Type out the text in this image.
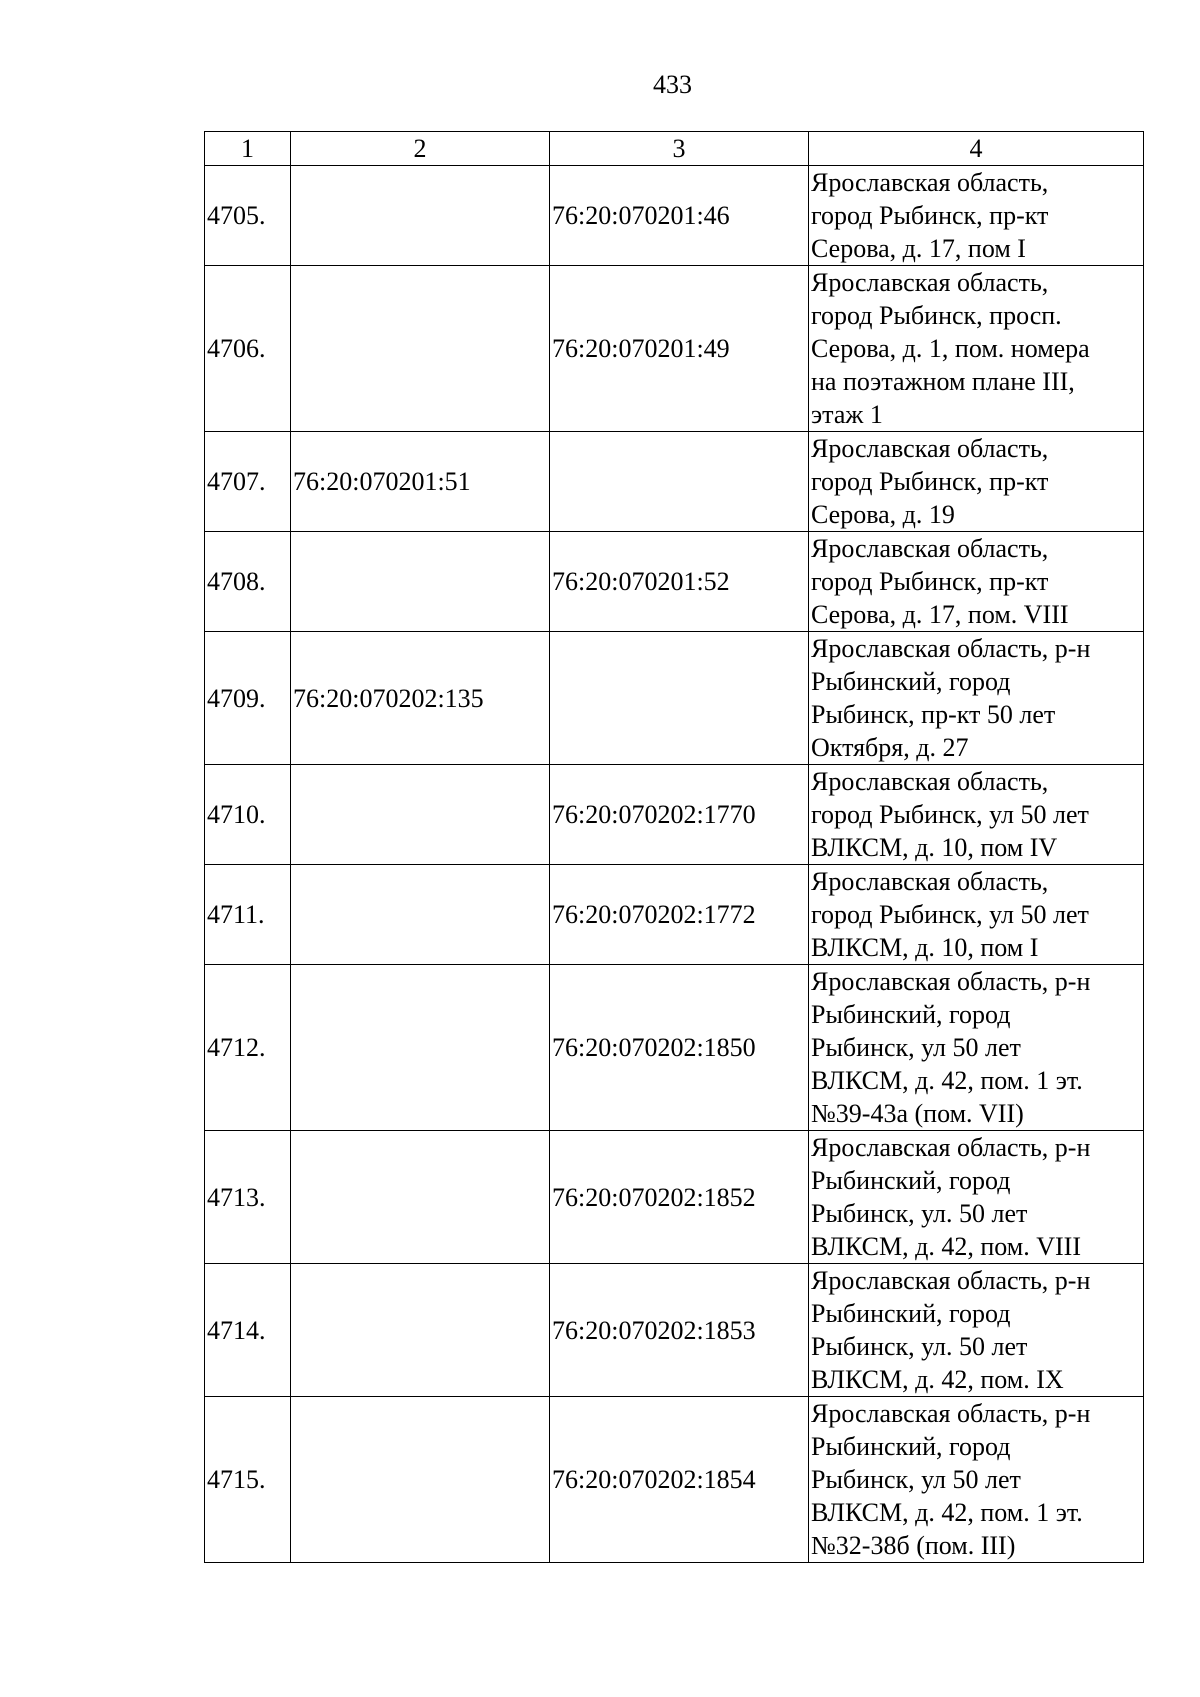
433
1	2	3	4
4705.		76:20:070201:46	Ярославская область,
город Рыбинск, пр-кт
Серова, д. 17, пом I

4706.		76:20:070201:49	Ярославская область,
город Рыбинск, просп.
Серова, д. 1, пом. номера
на поэтажном плане III,
этаж 1

4707.	76:20:070201:51		Ярославская область,
город Рыбинск, пр-кт
Серова, д. 19

4708.		76:20:070201:52	Ярославская область,
город Рыбинск, пр-кт
Серова, д. 17, пом. VIII

4709.	76:20:070202:135		Ярославская область, р-н
Рыбинский, город
Рыбинск, пр-кт 50 лет
Октября, д. 27

4710.		76:20:070202:1770	Ярославская область,
город Рыбинск, ул 50 лет
ВЛКСМ, д. 10, пом IV

4711.		76:20:070202:1772	Ярославская область,
город Рыбинск, ул 50 лет
ВЛКСМ, д. 10, пом I

4712.		76:20:070202:1850	Ярославская область, р-н
Рыбинский, город
Рыбинск, ул 50 лет
ВЛКСМ, д. 42, пом. 1 эт.
№39-43а (пом. VII)

4713.		76:20:070202:1852	Ярославская область, р-н
Рыбинский, город
Рыбинск, ул. 50 лет
ВЛКСМ, д. 42, пом. VIII

4714.		76:20:070202:1853	Ярославская область, р-н
Рыбинский, город
Рыбинск, ул. 50 лет
ВЛКСМ, д. 42, пом. IX

4715.		76:20:070202:1854	Ярославская область, р-н
Рыбинский, город
Рыбинск, ул 50 лет
ВЛКСМ, д. 42, пом. 1 эт.
№32-38б (пом. III)
